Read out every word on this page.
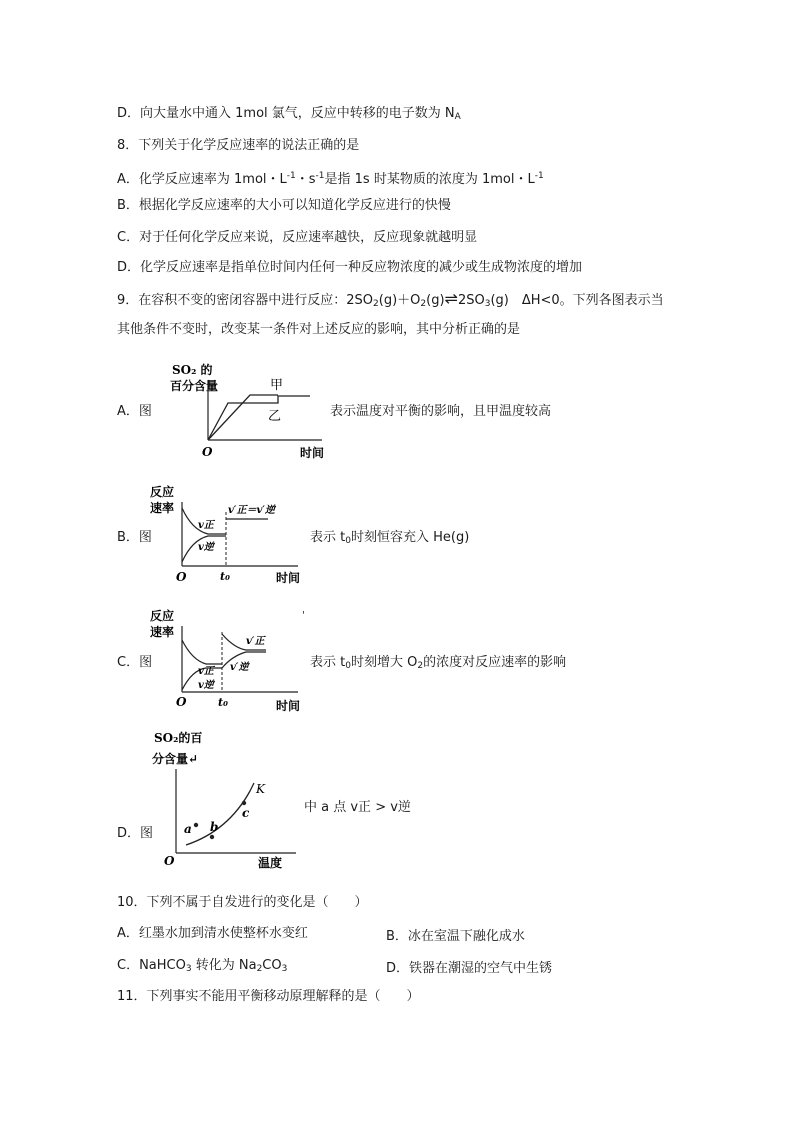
D．向大量水中通入 1mol 氯气，反应中转移的电子数为 $N_A$
8．下列关于化学反应速率的说法正确的是
A．化学反应速率为 1mol・$L^{-1}$・$s^{-1}$是指 1s 时某物质的浓度为 1mol・$L^{-1}$
B．根据化学反应速率的大小可以知道化学反应进行的快慢
C．对于任何化学反应来说，反应速率越快，反应现象就越明显
D．化学反应速率是指单位时间内任何一种反应物浓度的减少或生成物浓度的增加
9．在容积不变的密闭容器中进行反应：$2SO_2(g)+O_2(g)\rightleftharpoons 2SO_3(g)$　ΔH<0。下列各图表示当
其他条件不变时，改变某一条件对上述反应的影响，其中分析正确的是
A．图
SO₂ 的
百分含量	甲
乙
O	时间
表示温度对平衡的影响，且甲温度较高
B．图
反应
速率
v正
v逆
v′正＝v′逆
O	t₀	时间
表示 $t_0$时刻恒容充入 He(g)
C．图
反应
速率
v正
v逆
v′正
v′逆
O	t₀	时间
'
表示 $t_0$时刻增大 $O_2$的浓度对反应速率的影响
D．图
SO₂的百
分含量↵
K
a b
c
O	温度
中 a 点 v正 > v逆
10．下列不属于自发进行的变化是（　　）
A．红墨水加到清水使整杯水变红	B．冰在室温下融化成水
C．NaHCO$_3$ 转化为 $Na_2CO_3$	D．铁器在潮湿的空气中生锈
11．下列事实不能用平衡移动原理解释的是（　　）
